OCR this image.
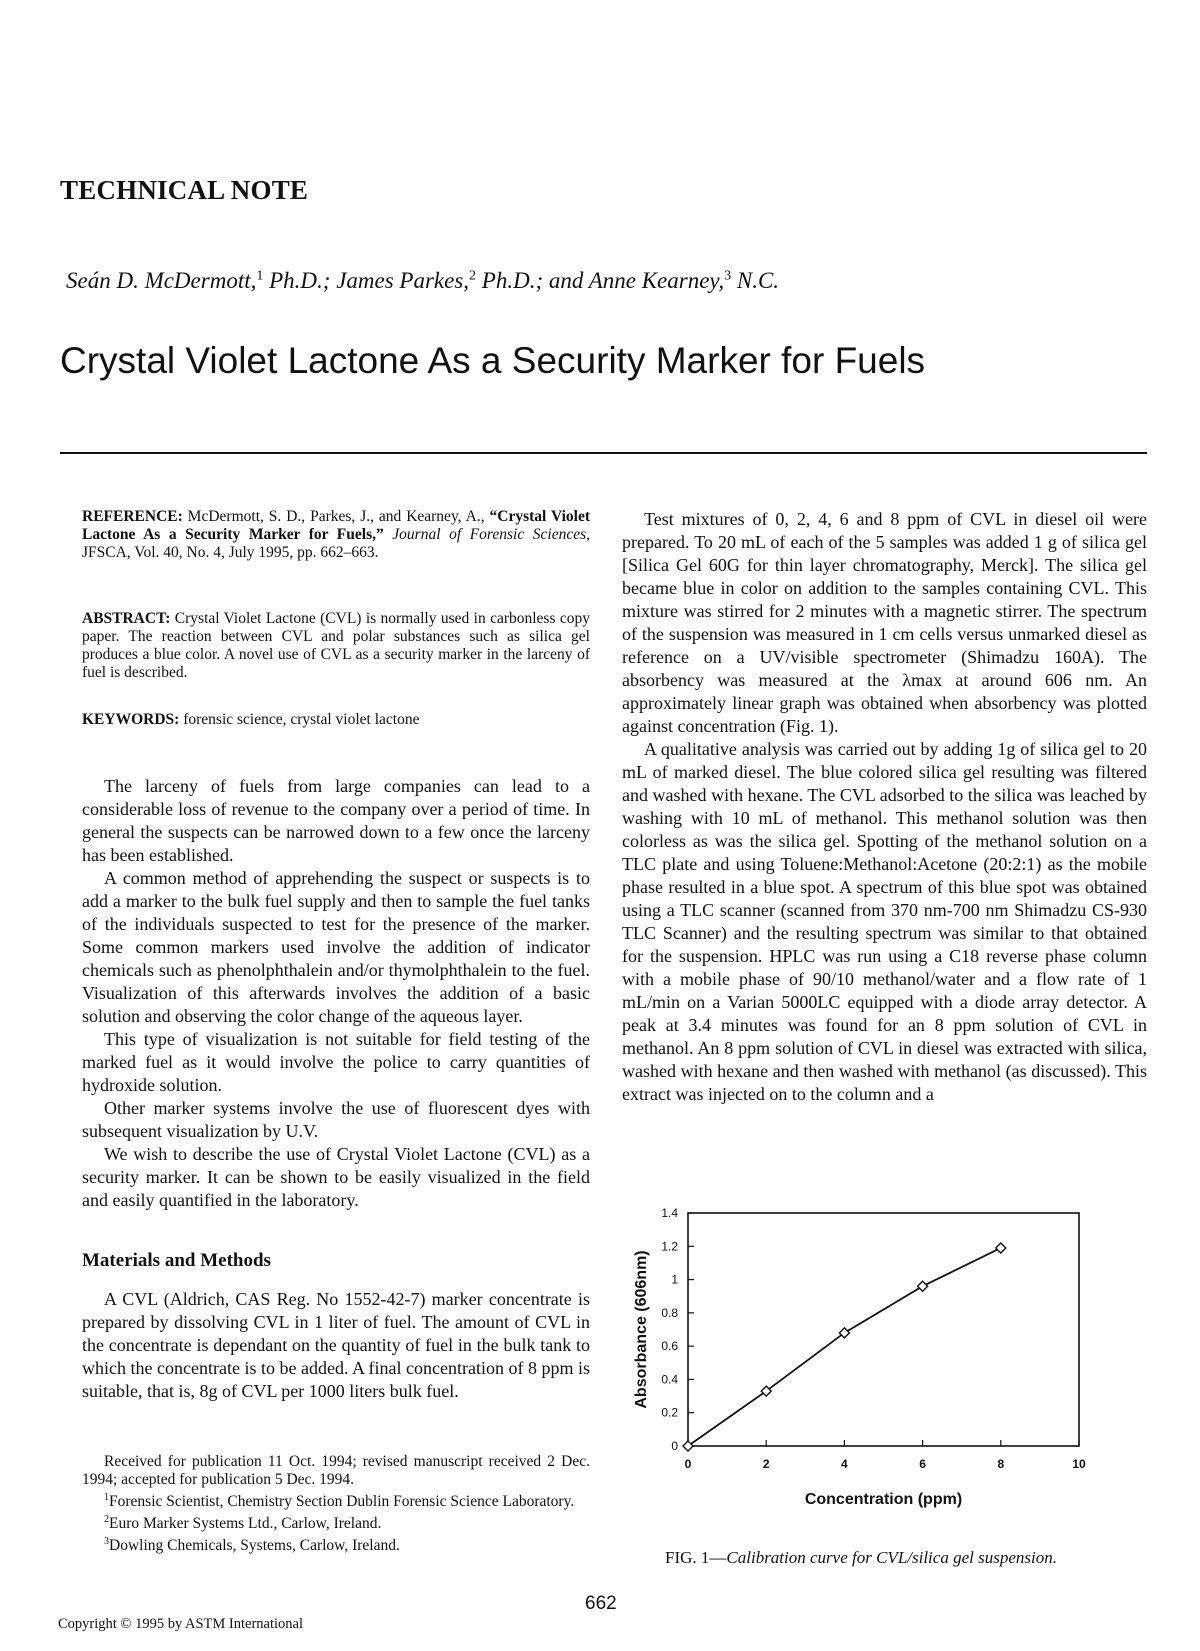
TECHNICAL NOTE
Seán D. McDermott,$^1$ Ph.D.; James Parkes,$^2$ Ph.D.; and Anne Kearney,$^3$ N.C.
Crystal Violet Lactone As a Security Marker for Fuels
REFERENCE: McDermott, S. D., Parkes, J., and Kearney, A., “Crystal Violet Lactone As a Security Marker for Fuels,” Journal of Forensic Sciences, JFSCA, Vol. 40, No. 4, July 1995, pp. 662–663.
ABSTRACT: Crystal Violet Lactone (CVL) is normally used in carbonless copy paper. The reaction between CVL and polar substances such as silica gel produces a blue color. A novel use of CVL as a security marker in the larceny of fuel is described.
KEYWORDS: forensic science, crystal violet lactone

The larceny of fuels from large companies can lead to a considerable loss of revenue to the company over a period of time. In general the suspects can be narrowed down to a few once the larceny has been established.

A common method of apprehending the suspect or suspects is to add a marker to the bulk fuel supply and then to sample the fuel tanks of the individuals suspected to test for the presence of the marker. Some common markers used involve the addition of indicator chemicals such as phenolphthalein and/or thymolphthalein to the fuel. Visualization of this afterwards involves the addition of a basic solution and observing the color change of the aqueous layer.

This type of visualization is not suitable for field testing of the marked fuel as it would involve the police to carry quantities of hydroxide solution.

Other marker systems involve the use of fluorescent dyes with subsequent visualization by U.V.

We wish to describe the use of Crystal Violet Lactone (CVL) as a security marker. It can be shown to be easily visualized in the field and easily quantified in the laboratory.

Materials and Methods

A CVL (Aldrich, CAS Reg. No 1552-42-7) marker concentrate is prepared by dissolving CVL in 1 liter of fuel. The amount of CVL in the concentrate is dependant on the quantity of fuel in the bulk tank to which the concentrate is to be added. A final concentration of 8 ppm is suitable, that is, 8g of CVL per 1000 liters bulk fuel.

Received for publication 11 Oct. 1994; revised manuscript received 2 Dec. 1994; accepted for publication 5 Dec. 1994.

$^1$Forensic Scientist, Chemistry Section Dublin Forensic Science Laboratory.

$^2$Euro Marker Systems Ltd., Carlow, Ireland.

$^3$Dowling Chemicals, Systems, Carlow, Ireland.

Test mixtures of 0, 2, 4, 6 and 8 ppm of CVL in diesel oil were prepared. To 20 mL of each of the 5 samples was added 1 g of silica gel [Silica Gel 60G for thin layer chromatography, Merck]. The silica gel became blue in color on addition to the samples containing CVL. This mixture was stirred for 2 minutes with a magnetic stirrer. The spectrum of the suspension was measured in 1 cm cells versus unmarked diesel as reference on a UV/visible spectrometer (Shimadzu 160A). The absorbency was measured at the λmax at around 606 nm. An approximately linear graph was obtained when absorbency was plotted against concentration (Fig. 1).

A qualitative analysis was carried out by adding 1g of silica gel to 20 mL of marked diesel. The blue colored silica gel resulting was filtered and washed with hexane. The CVL adsorbed to the silica was leached by washing with 10 mL of methanol. This methanol solution was then colorless as was the silica gel. Spotting of the methanol solution on a TLC plate and using Toluene:Methanol:Acetone (20:2:1) as the mobile phase resulted in a blue spot. A spectrum of this blue spot was obtained using a TLC scanner (scanned from 370 nm-700 nm Shimadzu CS-930 TLC Scanner) and the resulting spectrum was similar to that obtained for the suspension. HPLC was run using a C18 reverse phase column with a mobile phase of 90/10 methanol/water and a flow rate of 1 mL/min on a Varian 5000LC equipped with a diode array detector. A peak at 3.4 minutes was found for an 8 ppm solution of CVL in methanol. An 8 ppm solution of CVL in diesel was extracted with silica, washed with hexane and then washed with methanol (as discussed). This extract was injected on to the column and a

0
0.2
0.4
0.6
0.8
1
1.2
1.4
0	2	4	6	8	10
Concentration (ppm)
Absorbance (606nm)
FIG. 1—Calibration curve for CVL/silica gel suspension.
662
Copyright © 1995 by ASTM International
